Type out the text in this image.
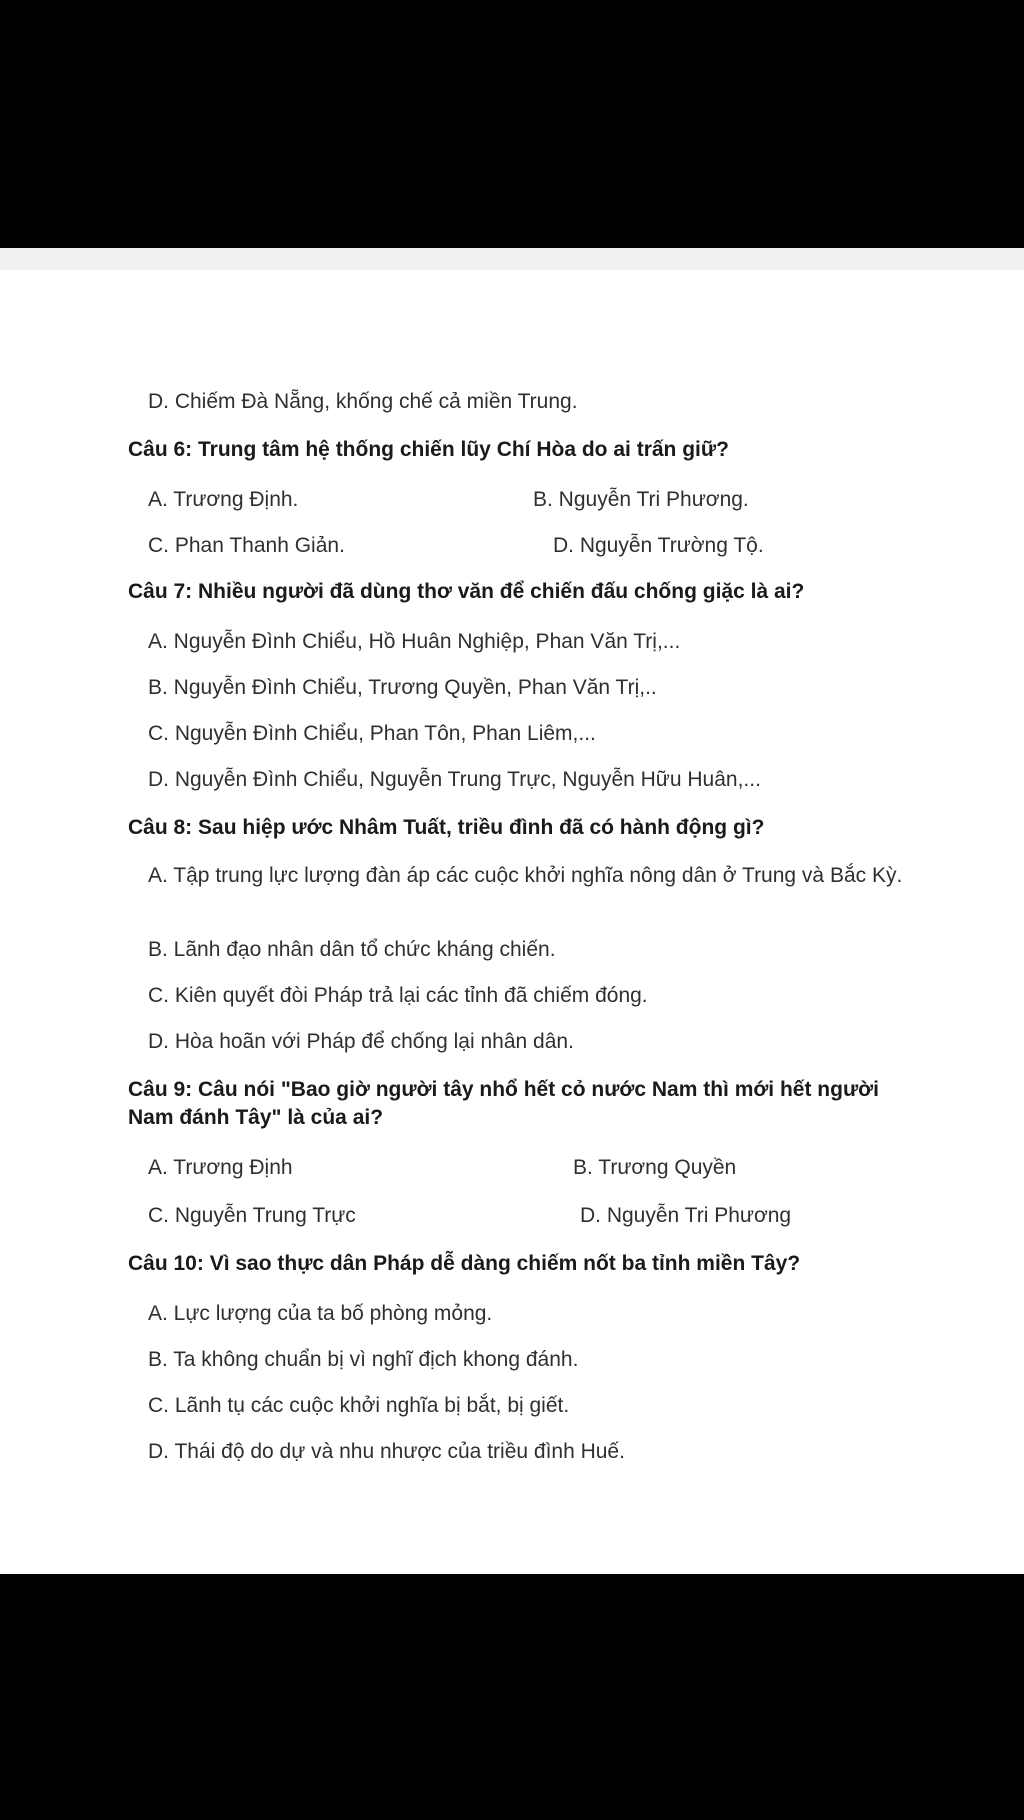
D. Chiếm Đà Nẵng, khống chế cả miền Trung.
Câu 6: Trung tâm hệ thống chiến lũy Chí Hòa do ai trấn giữ?
A. Trương Định.	B. Nguyễn Tri Phương.
C. Phan Thanh Giản.	D. Nguyễn Trường Tộ.
Câu 7: Nhiều người đã dùng thơ văn để chiến đấu chống giặc là ai?
A. Nguyễn Đình Chiểu, Hồ Huân Nghiệp, Phan Văn Trị,...
B. Nguyễn Đình Chiểu, Trương Quyền, Phan Văn Trị,..
C. Nguyễn Đình Chiểu, Phan Tôn, Phan Liêm,...
D. Nguyễn Đình Chiểu, Nguyễn Trung Trực, Nguyễn Hữu Huân,...
Câu 8: Sau hiệp ước Nhâm Tuất, triều đình đã có hành động gì?
A. Tập trung lực lượng đàn áp các cuộc khởi nghĩa nông dân ở Trung và Bắc Kỳ.
B. Lãnh đạo nhân dân tổ chức kháng chiến.
C. Kiên quyết đòi Pháp trả lại các tỉnh đã chiếm đóng.
D. Hòa hoãn với Pháp để chống lại nhân dân.
Câu 9: Câu nói "Bao giờ người tây nhổ hết cỏ nước Nam thì mới hết người Nam đánh Tây" là của ai?
A. Trương Định	B. Trương Quyền
C. Nguyễn Trung Trực	D. Nguyễn Tri Phương
Câu 10: Vì sao thực dân Pháp dễ dàng chiếm nốt ba tỉnh miền Tây?
A. Lực lượng của ta bố phòng mỏng.
B. Ta không chuẩn bị vì nghĩ địch khong đánh.
C. Lãnh tụ các cuộc khởi nghĩa bị bắt, bị giết.
D. Thái độ do dự và nhu nhược của triều đình Huế.
